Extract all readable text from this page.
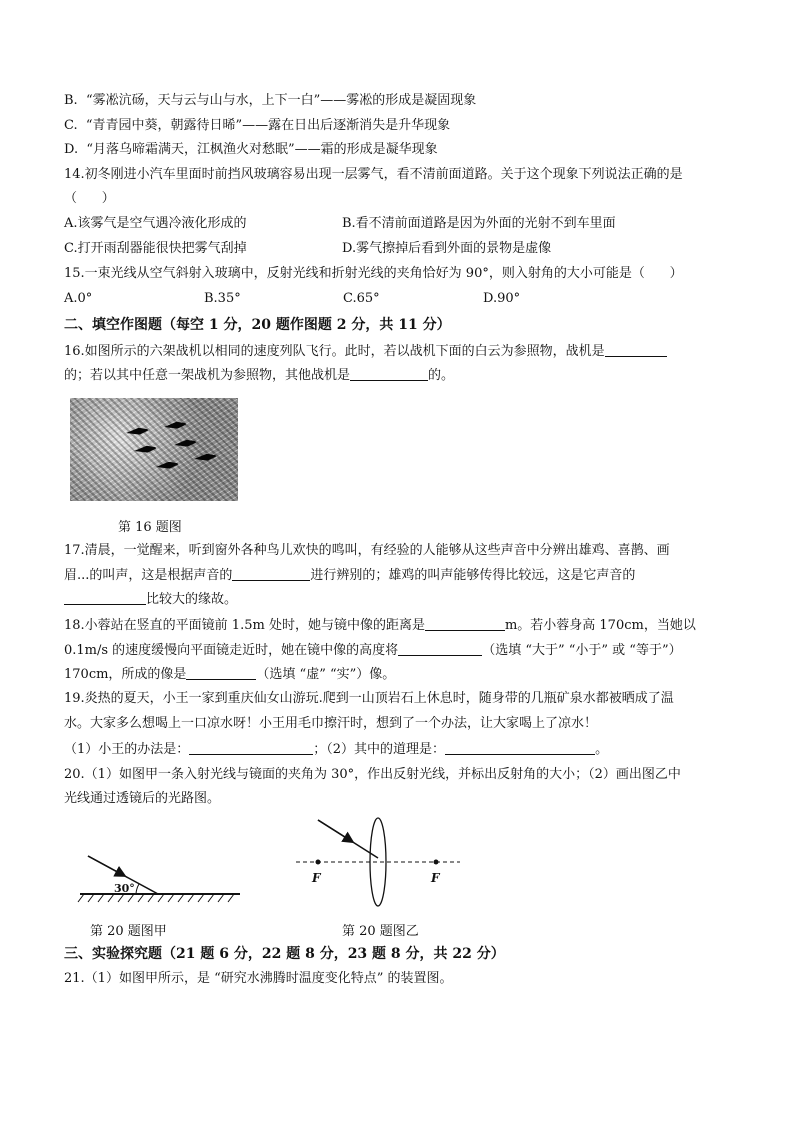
B.  “雾凇沆砀，天与云与山与水，上下一白”——雾凇的形成是凝固现象
C.  “青青园中葵，朝露待日晞”——露在日出后逐渐消失是升华现象
D.  “月落乌啼霜满天，江枫渔火对愁眠”——霜的形成是凝华现象
14.初冬刚进小汽车里面时前挡风玻璃容易出现一层雾气，看不清前面道路。关于这个现象下列说法正确的是
（      ）
A.该雾气是空气遇冷液化形成的	B.看不清前面道路是因为外面的光射不到车里面
C.打开雨刮器能很快把雾气刮掉	D.雾气擦掉后看到外面的景物是虚像
15.一束光线从空气斜射入玻璃中，反射光线和折射光线的夹角恰好为 90°，则入射角的大小可能是（      ）
A.0°	B.35°	C.65°	D.90°
二、填空作图题（每空 1 分，20 题作图题 2 分，共 11 分）
16.如图所示的六架战机以相同的速度列队飞行。此时，若以战机下面的白云为参照物，战机是
的；若以其中任意一架战机为参照物，其他战机是	的。
第 16 题图
17.清晨，一觉醒来，听到窗外各种鸟儿欢快的鸣叫，有经验的人能够从这些声音中分辨出雄鸡、喜鹊、画
眉...的叫声，这是根据声音的	进行辨别的；雄鸡的叫声能够传得比较远，这是它声音的
比较大的缘故。
18.小蓉站在竖直的平面镜前 1.5m 处时，她与镜中像的距离是	m。若小蓉身高 170cm，当她以
0.1m/s 的速度缓慢向平面镜走近时，她在镜中像的高度将	（选填 “大于” “小于” 或 “等于”）
170cm，所成的像是	（选填 “虚” “实”）像。
19.炎热的夏天，小王一家到重庆仙女山游玩.爬到一山顶岩石上休息时，随身带的几瓶矿泉水都被晒成了温
水。大家多么想喝上一口凉水呀！小王用毛巾擦汗时，想到了一个办法，让大家喝上了凉水！
（1）小王的办法是：	；（2）其中的道理是：	。
20.（1）如图甲一条入射光线与镜面的夹角为 30°，作出反射光线，并标出反射角的大小；（2）画出图乙中
光线通过透镜后的光路图。
30°
第 20 题图甲
F	F
第 20 题图乙
三、实验探究题（21 题 6 分，22 题 8 分，23 题 8 分，共 22 分）
21.（1）如图甲所示，是 “研究水沸腾时温度变化特点” 的装置图。
